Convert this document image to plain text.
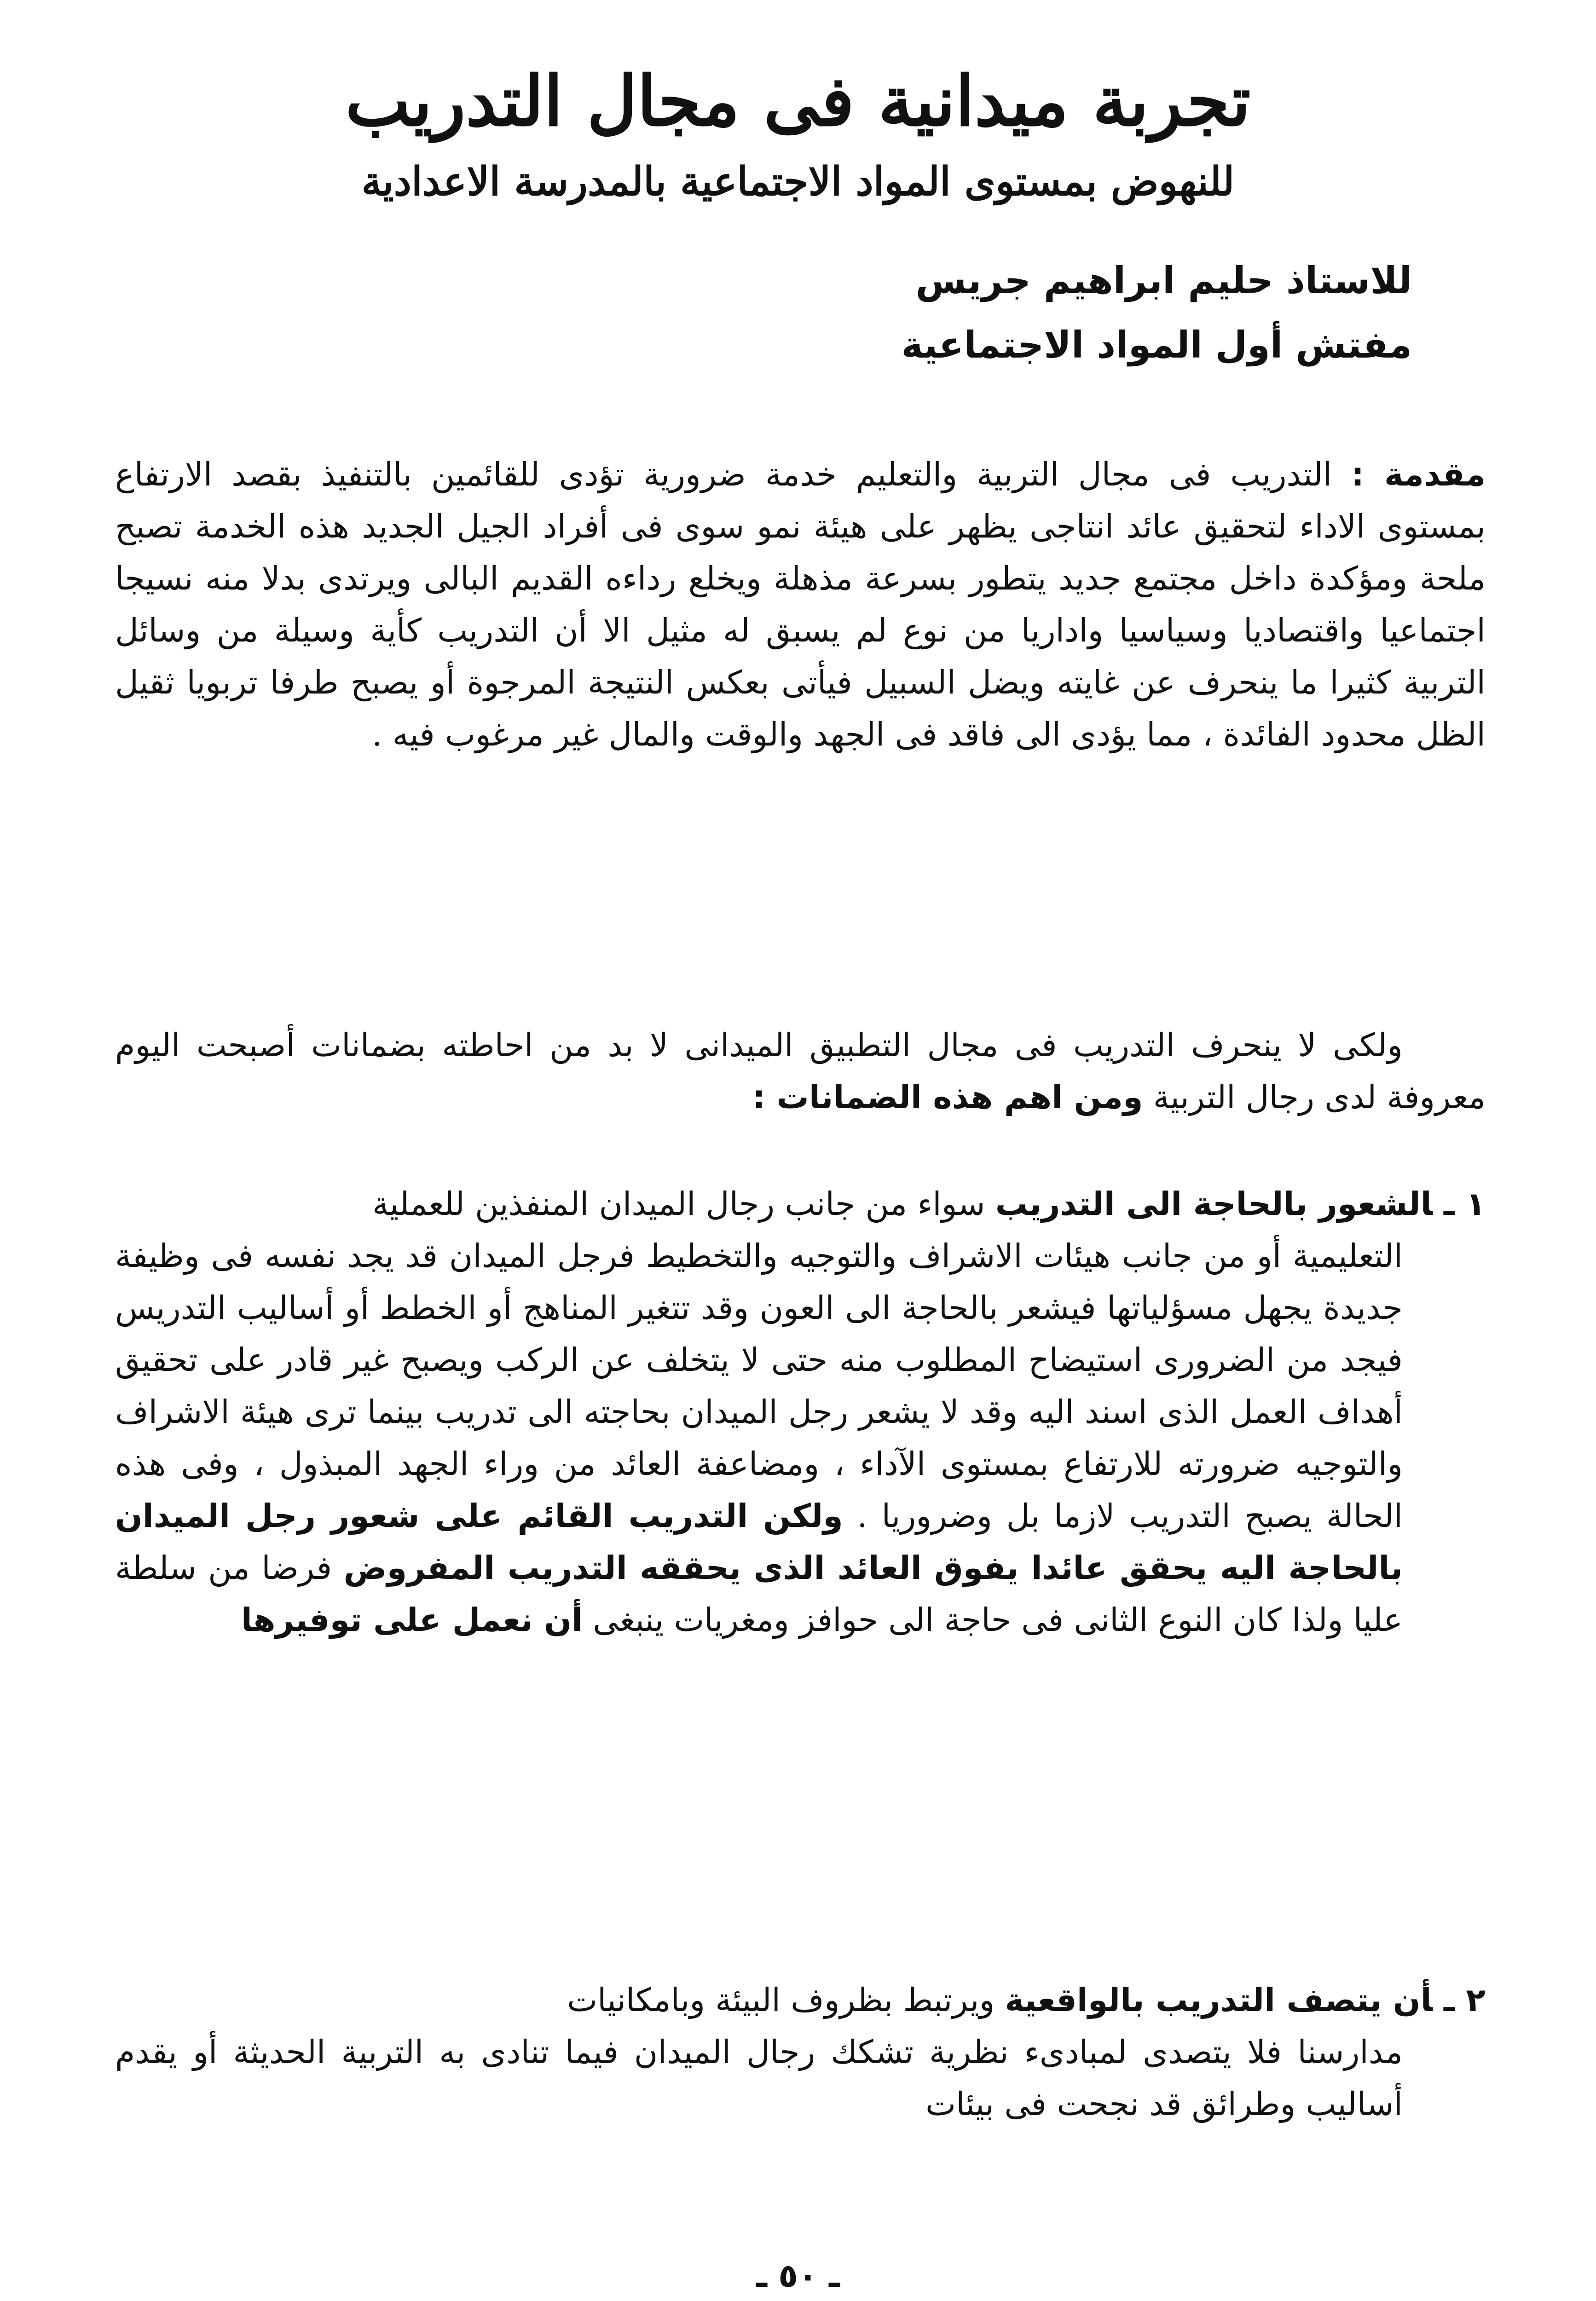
تجربة ميدانية فى مجال التدريب
للنهوض بمستوى المواد الاجتماعية بالمدرسة الاعدادية
للاستاذ حليم ابراهيم جريس
مفتش أول المواد الاجتماعية

مقدمة : التدريب فى مجال التربية والتعليم خدمة ضرورية تؤدى للقائمين بالتنفيذ بقصد الارتفاع بمستوى الاداء لتحقيق عائد انتاجى يظهر على هيئة نمو سوى فى أفراد الجيل الجديد هذه الخدمة تصبح ملحة ومؤكدة داخل مجتمع جديد يتطور بسرعة مذهلة ويخلع رداءه القديم البالى ويرتدى بدلا منه نسيجا اجتماعيا واقتصاديا وسياسيا واداريا من نوع لم يسبق له مثيل الا أن التدريب كأية وسيلة من وسائل التربية كثيرا ما ينحرف عن غايته ويضل السبيل فيأتى بعكس النتيجة المرجوة أو يصبح طرفا تربويا ثقيل الظل محدود الفائدة ، مما يؤدى الى فاقد فى الجهد والوقت والمال غير مرغوب فيه .

ولكى لا ينحرف التدريب فى مجال التطبيق الميدانى لا بد من احاطته بضمانات أصبحت اليوم معروفة لدى رجال التربية ومن اهم هذه الضمانات :

١ ـالشعور بالحاجة الى التدريب سواء من جانب رجال الميدان المنفذين للعملية
التعليمية أو من جانب هيئات الاشراف والتوجيه والتخطيط فرجل الميدان قد يجد نفسه فى وظيفة جديدة يجهل مسؤلياتها فيشعر بالحاجة الى العون وقد تتغير المناهج أو الخطط أو أساليب التدريس فيجد من الضرورى استيضاح المطلوب منه حتى لا يتخلف عن الركب ويصبح غير قادر على تحقيق أهداف العمل الذى اسند اليه وقد لا يشعر رجل الميدان بحاجته الى تدريب بينما ترى هيئة الاشراف والتوجيه ضرورته للارتفاع بمستوى الآداء ، ومضاعفة العائد من وراء الجهد المبذول ، وفى هذه الحالة يصبح التدريب لازما بل وضروريا . ولكن التدريب القائم على شعور رجل الميدان بالحاجة اليه يحقق عائدا يفوق العائد الذى يحققه التدريب المفروض فرضا من سلطة عليا ولذا كان النوع الثانى فى حاجة الى حوافز ومغريات ينبغى أن نعمل على توفيرها
٢ ـأن يتصف التدريب بالواقعية ويرتبط بظروف البيئة وبامكانيات
مدارسنا فلا يتصدى لمبادىء نظرية تشكك رجال الميدان فيما تنادى به التربية الحديثة أو يقدم أساليب وطرائق قد نجحت فى بيئات
ـ ٥٠ ـ
